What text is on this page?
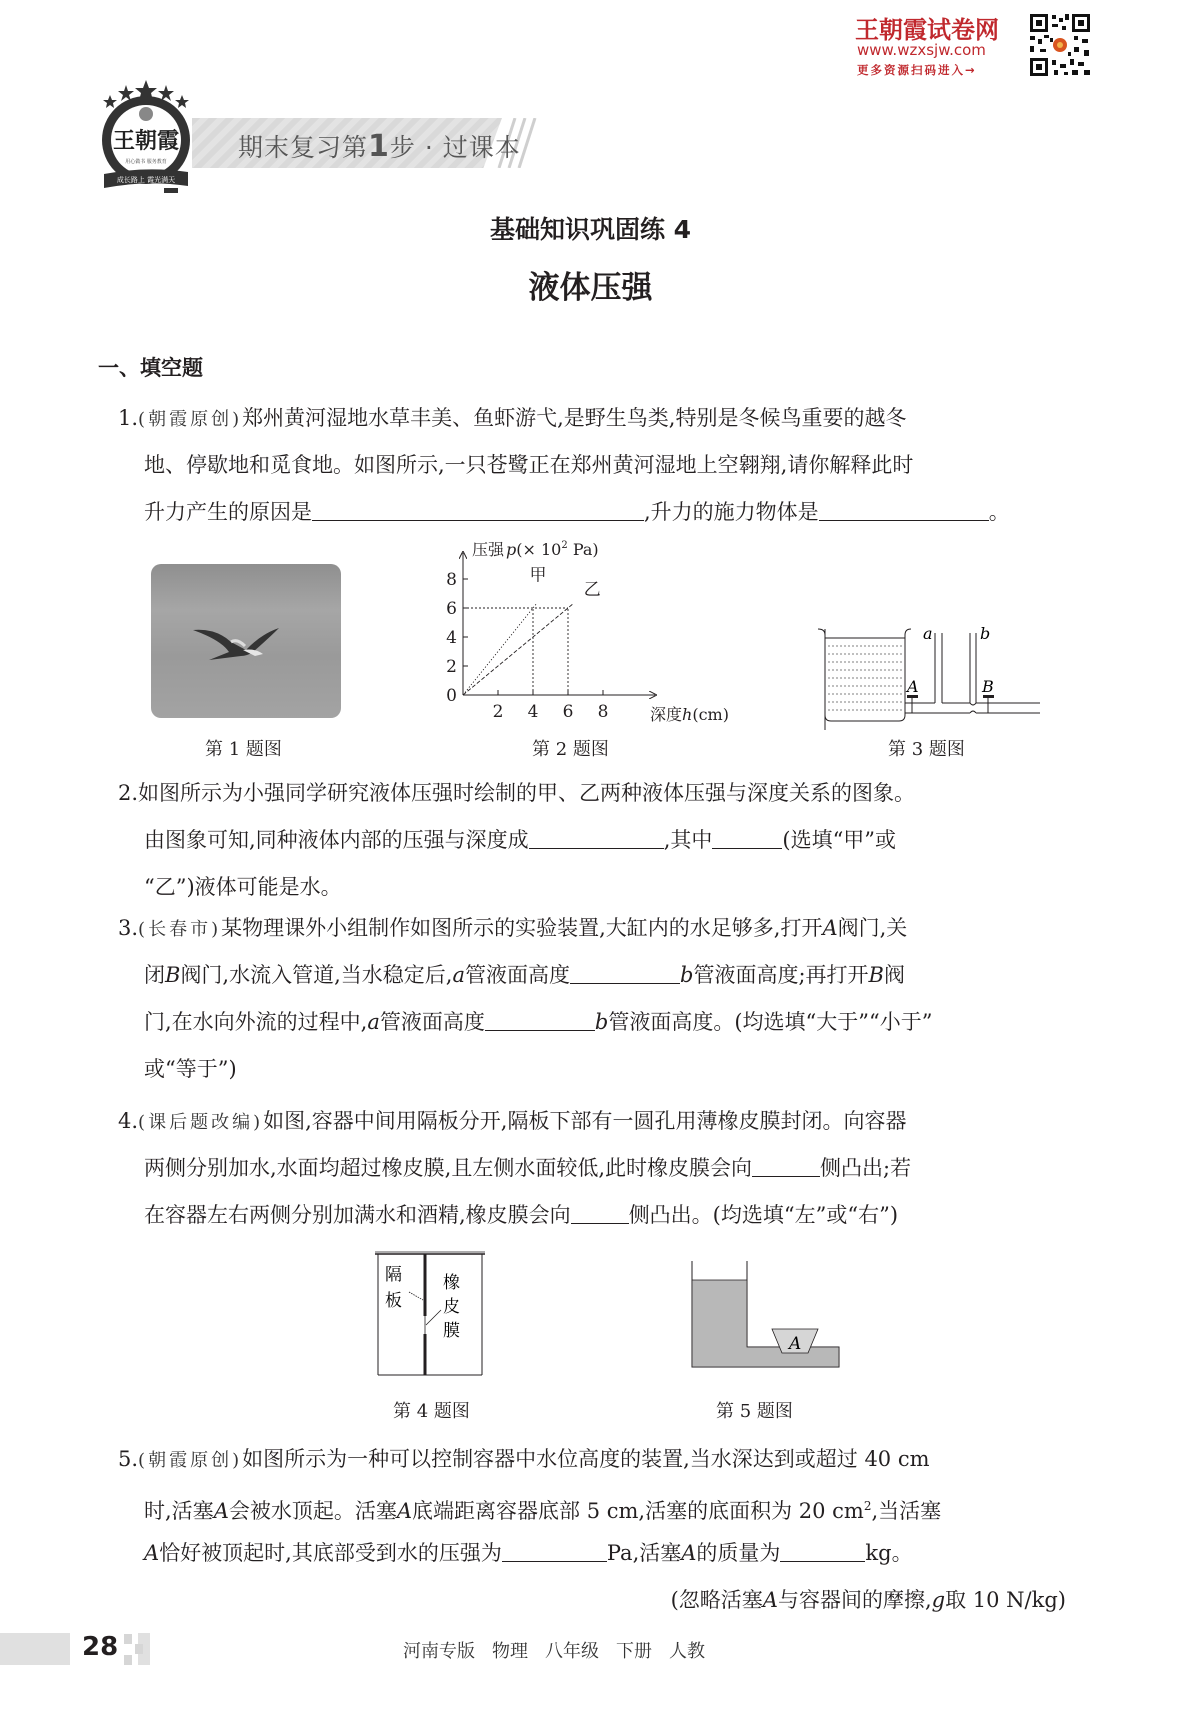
王朝霞试卷网
www.wzxsjw.com
更多资源扫码进入→
王朝霞
用心做书 服务教育
成长路上 霞光满天
期末复习第1步 · 过课本
基础知识巩固练 4
液体压强
一、填空题
1.(朝霞原创)郑州黄河湿地水草丰美、鱼虾游弋,是野生鸟类,特别是冬候鸟重要的越冬
地、停歇地和觅食地。如图所示,一只苍鹭正在郑州黄河湿地上空翱翔,请你解释此时
升力产生的原因是	,升力的施力物体是	。
第 1 题图
2 4 6 8
0
2
4
6
8	甲
乙
压强 $p(\times 10^2$ Pa)
深度h(cm)
第 2 题图
a	b
A	B
第 3 题图
2.如图所示为小强同学研究液体压强时绘制的甲、乙两种液体压强与深度关系的图象。
由图象可知,同种液体内部的压强与深度成	,其中	(选填“甲”或
“乙”)液体可能是水。
3.(长春市)某物理课外小组制作如图所示的实验装置,大缸内的水足够多,打开A阀门,关
闭B阀门,水流入管道,当水稳定后,a管液面高度	b管液面高度;再打开B阀
门,在水向外流的过程中,a管液面高度	b管液面高度。(均选填“大于”“小于”
或“等于”)
4.(课后题改编)如图,容器中间用隔板分开,隔板下部有一圆孔用薄橡皮膜封闭。向容器
两侧分别加水,水面均超过橡皮膜,且左侧水面较低,此时橡皮膜会向	侧凸出;若
在容器左右两侧分别加满水和酒精,橡皮膜会向	侧凸出。(均选填“左”或“右”)
隔
板
橡
皮
膜
第 4 题图
A
第 5 题图
5.(朝霞原创)如图所示为一种可以控制容器中水位高度的装置,当水深达到或超过 40 cm
时,活塞A会被水顶起。活塞A底端距离容器底部 5 cm,活塞的底面积为 20 $cm^2$,当活塞
A恰好被顶起时,其底部受到水的压强为	Pa,活塞A的质量为	kg。
(忽略活塞A与容器间的摩擦,g取 10 N/kg)
28	河南专版 物理 八年级 下册 人教
